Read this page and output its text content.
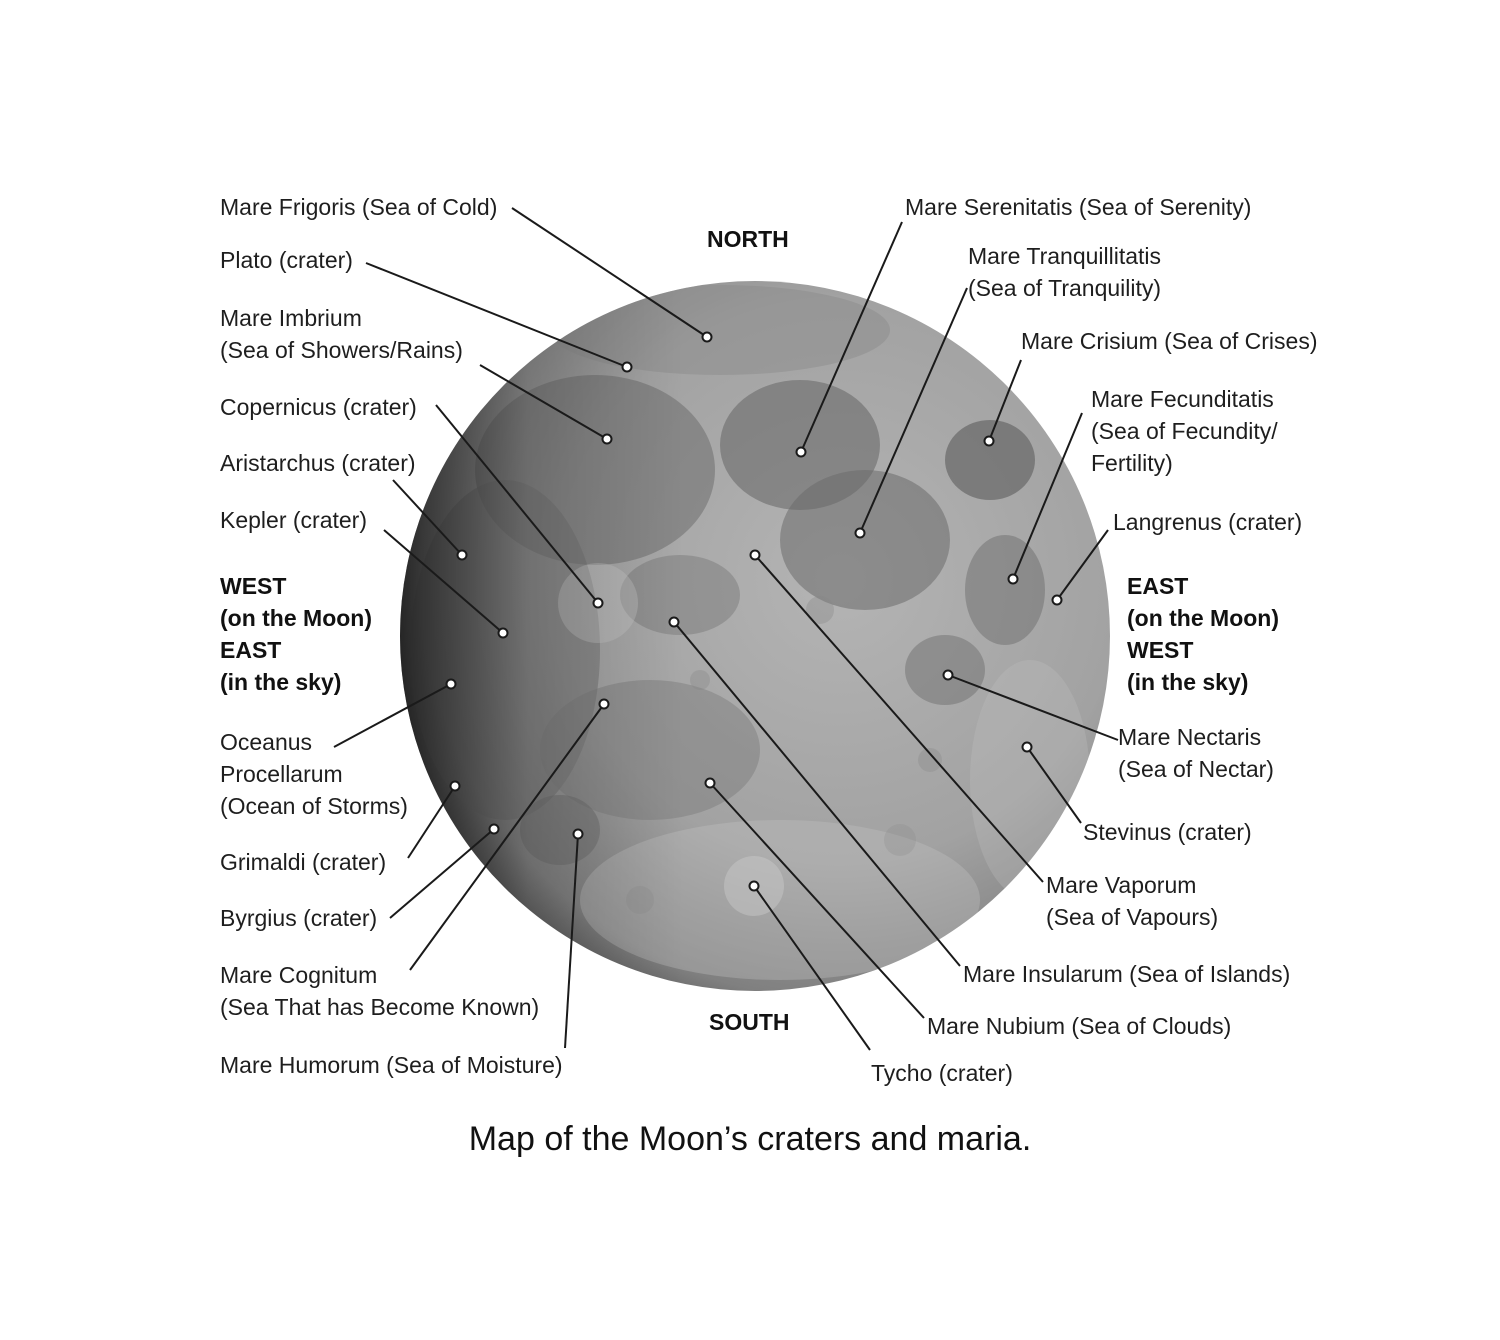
NORTH
SOUTH
WEST
(on the Moon)
EAST
(in the sky)
EAST
(on the Moon)
WEST
(in the sky)
Mare Frigoris (Sea of Cold)
Plato (crater)
Mare Imbrium
(Sea of Showers/Rains)
Copernicus (crater)
Aristarchus (crater)
Kepler (crater)
Oceanus
Procellarum
(Ocean of Storms)
Grimaldi (crater)
Byrgius (crater)
Mare Cognitum
(Sea That has Become Known)
Mare Humorum (Sea of Moisture)
Mare Serenitatis (Sea of Serenity)
Mare Tranquillitatis
(Sea of Tranquility)
Mare Crisium (Sea of Crises)
Mare Fecunditatis
(Sea of Fecundity/
Fertility)
Langrenus (crater)
Mare Nectaris
(Sea of Nectar)
Stevinus (crater)
Mare Vaporum
(Sea of Vapours)
Mare Insularum (Sea of Islands)
Mare Nubium (Sea of Clouds)
Tycho (crater)
Map of the Moon’s craters and maria.
